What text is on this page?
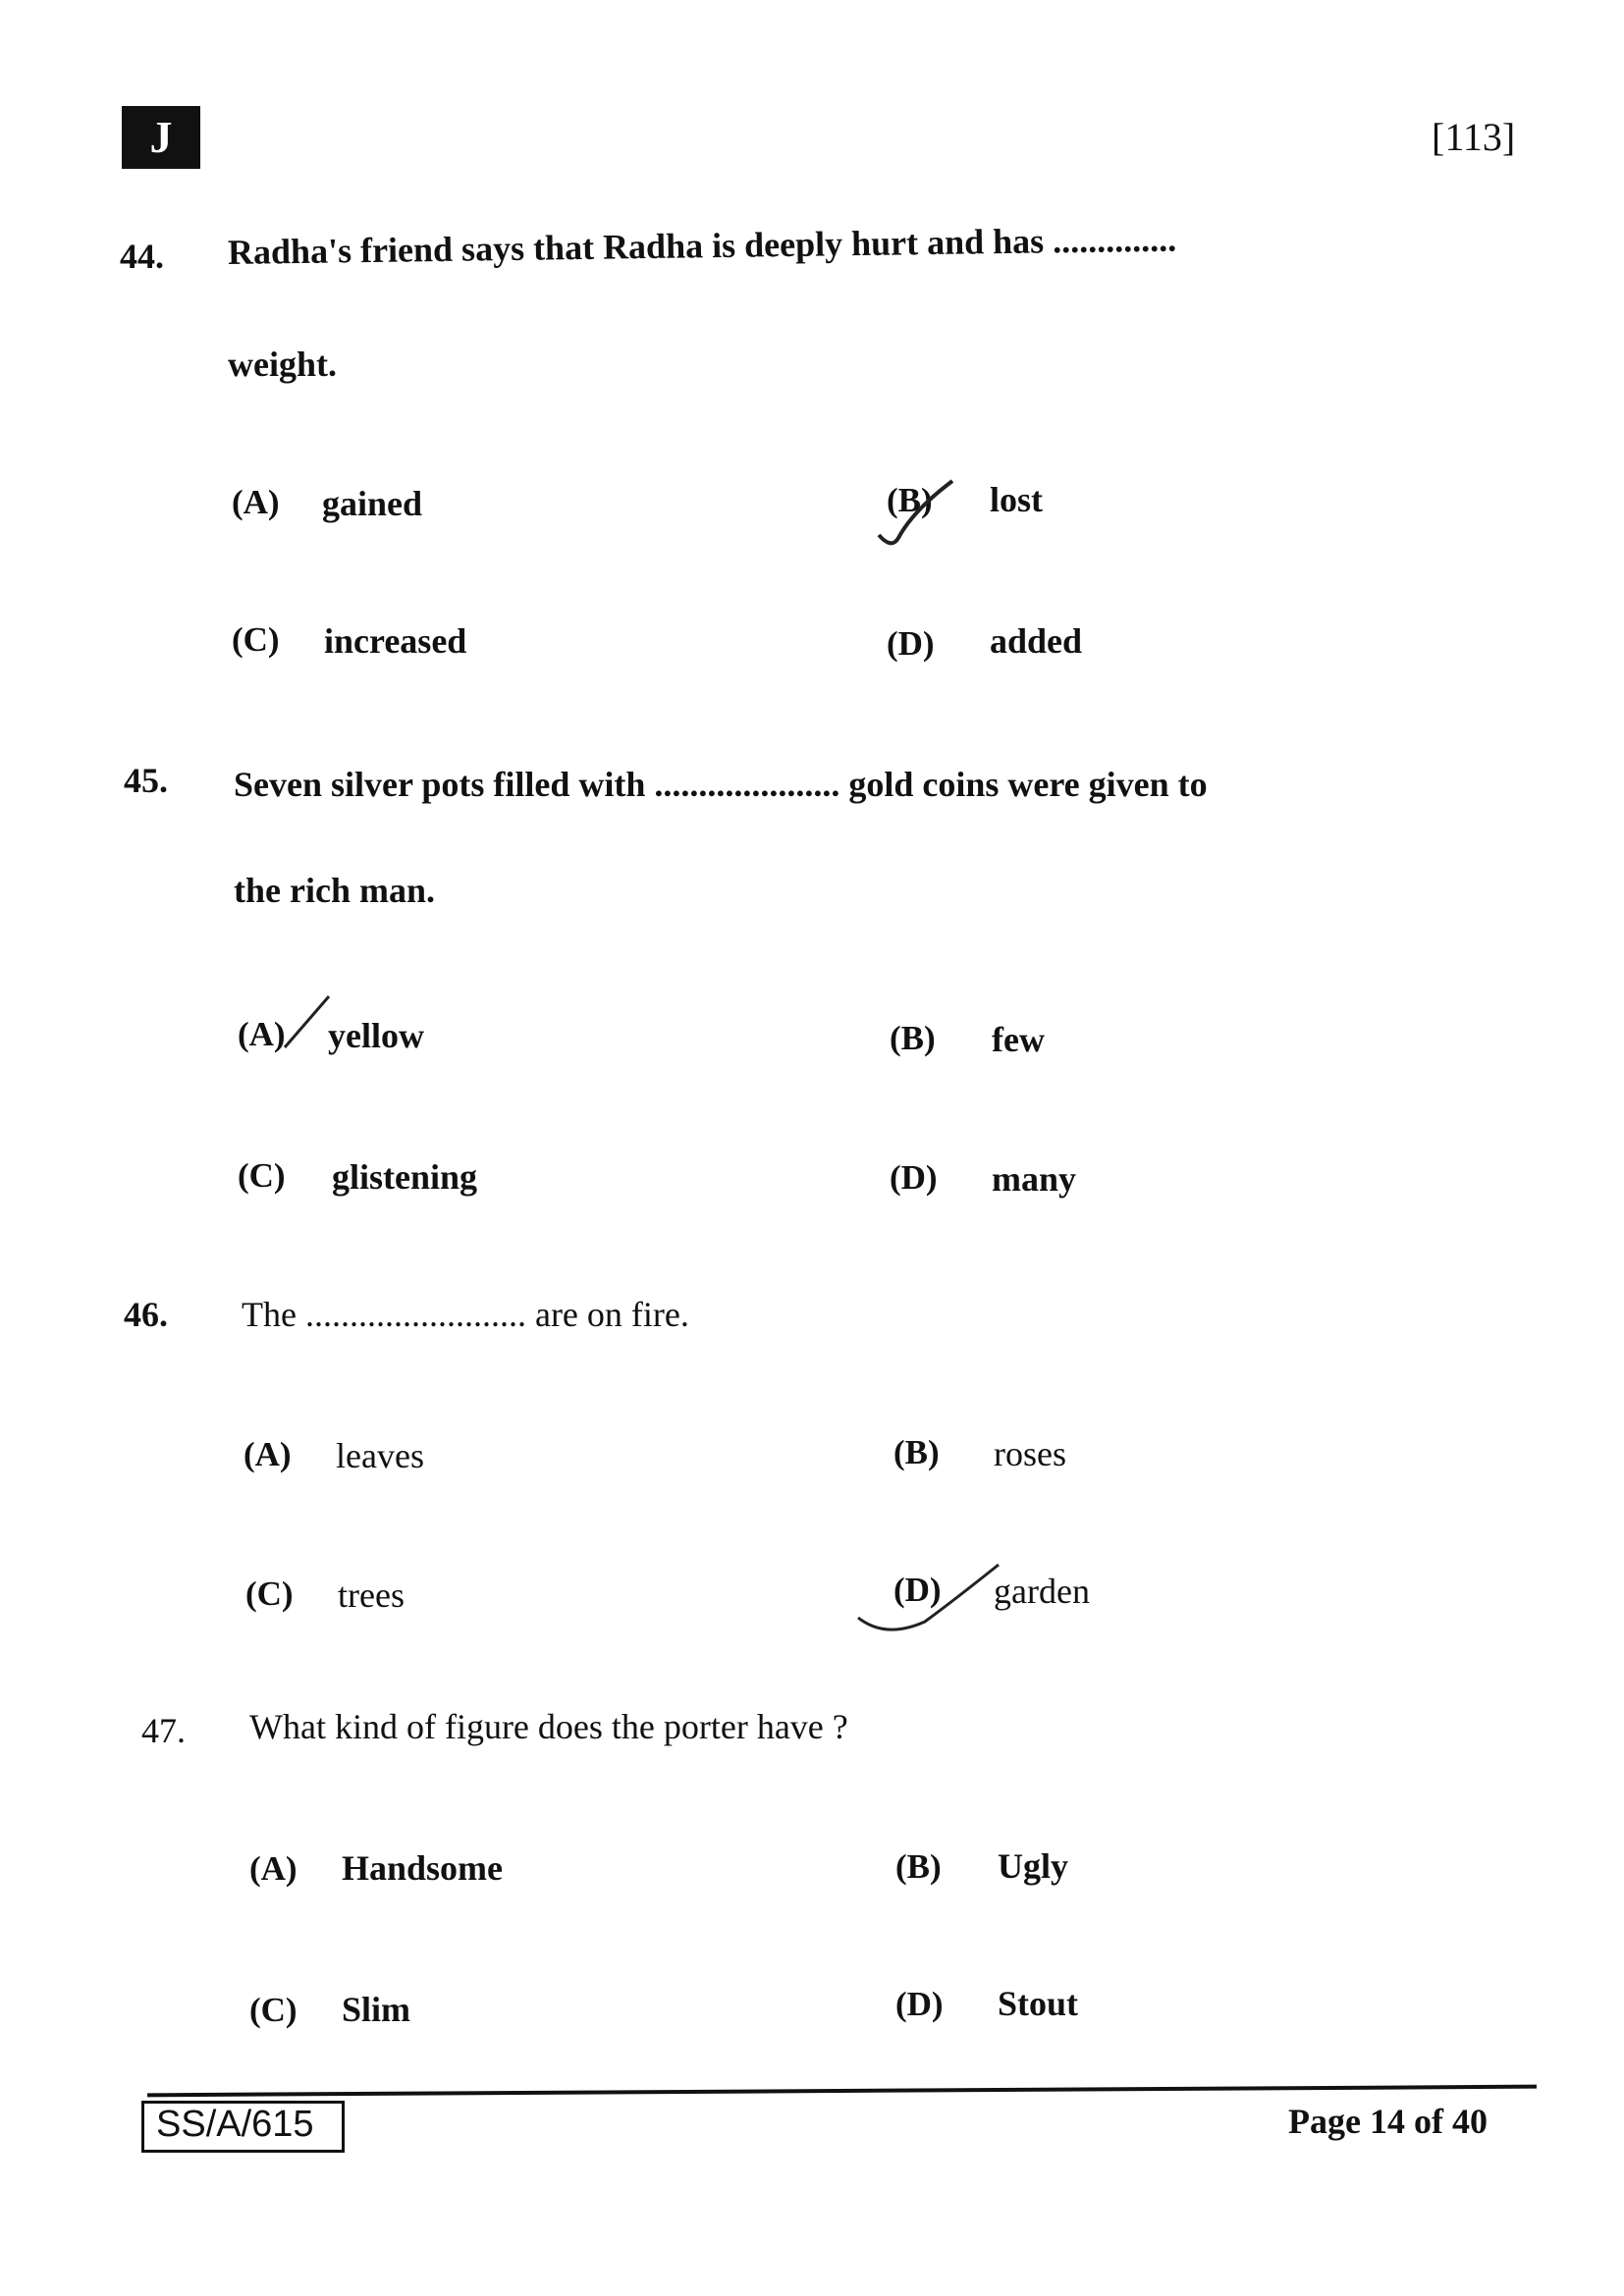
J	[113]
44. Radha's friend says that Radha is deeply hurt and has ..............
weight.
(A) gained	(B) lost
(C) increased	(D) added
45. Seven silver pots filled with ..................... gold coins were given to
the rich man.
(A) yellow	(B) few
(C) glistening	(D) many
46. The ......................... are on fire.
(A) leaves	(B) roses
(C) trees	(D) garden
47. What kind of figure does the porter have ?
(A) Handsome	(B) Ugly
(C) Slim	(D) Stout
SS/A/615	Page 14 of 40
